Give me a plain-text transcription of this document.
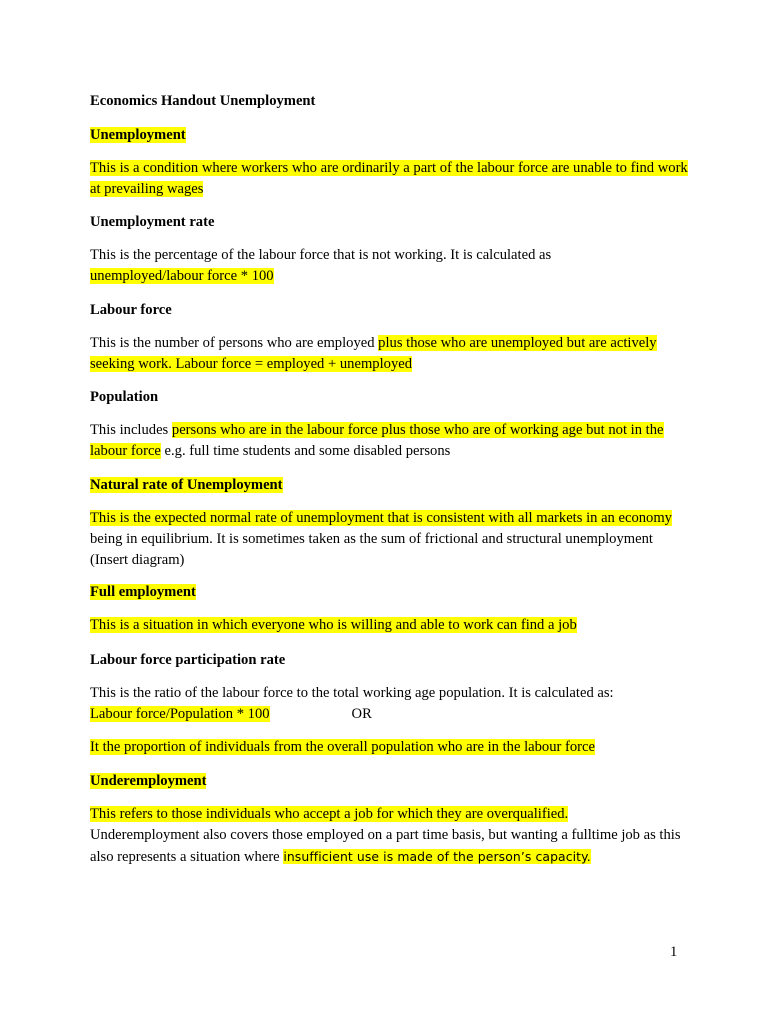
Economics Handout Unemployment

Unemployment

This is a condition where workers who are ordinarily a part of the labour force are unable to find work at prevailing wages

Unemployment rate

This is the percentage of the labour force that is not working. It is calculated as
unemployed/labour force * 100

Labour force

This is the number of persons who are employed plus those who are unemployed but are actively seeking work. Labour force = employed + unemployed

Population

This includes persons who are in the labour force plus those who are of working age but not in the labour force e.g. full time students and some disabled persons

Natural rate of Unemployment

This is the expected normal rate of unemployment that is consistent with all markets in an economy being in equilibrium. It is sometimes taken as the sum of frictional and structural unemployment (Insert diagram)

Full employment

This is a situation in which everyone who is willing and able to work can find a job

Labour force participation rate

This is the ratio of the labour force to the total working age population. It is calculated as:
Labour force/Population * 100	OR

It the proportion of individuals from the overall population who are in the labour force

Underemployment

This refers to those individuals who accept a job for which they are overqualified.
Underemployment also covers those employed on a part time basis, but wanting a fulltime job as this also represents a situation where insufficient use is made of the person’s capacity.

1
